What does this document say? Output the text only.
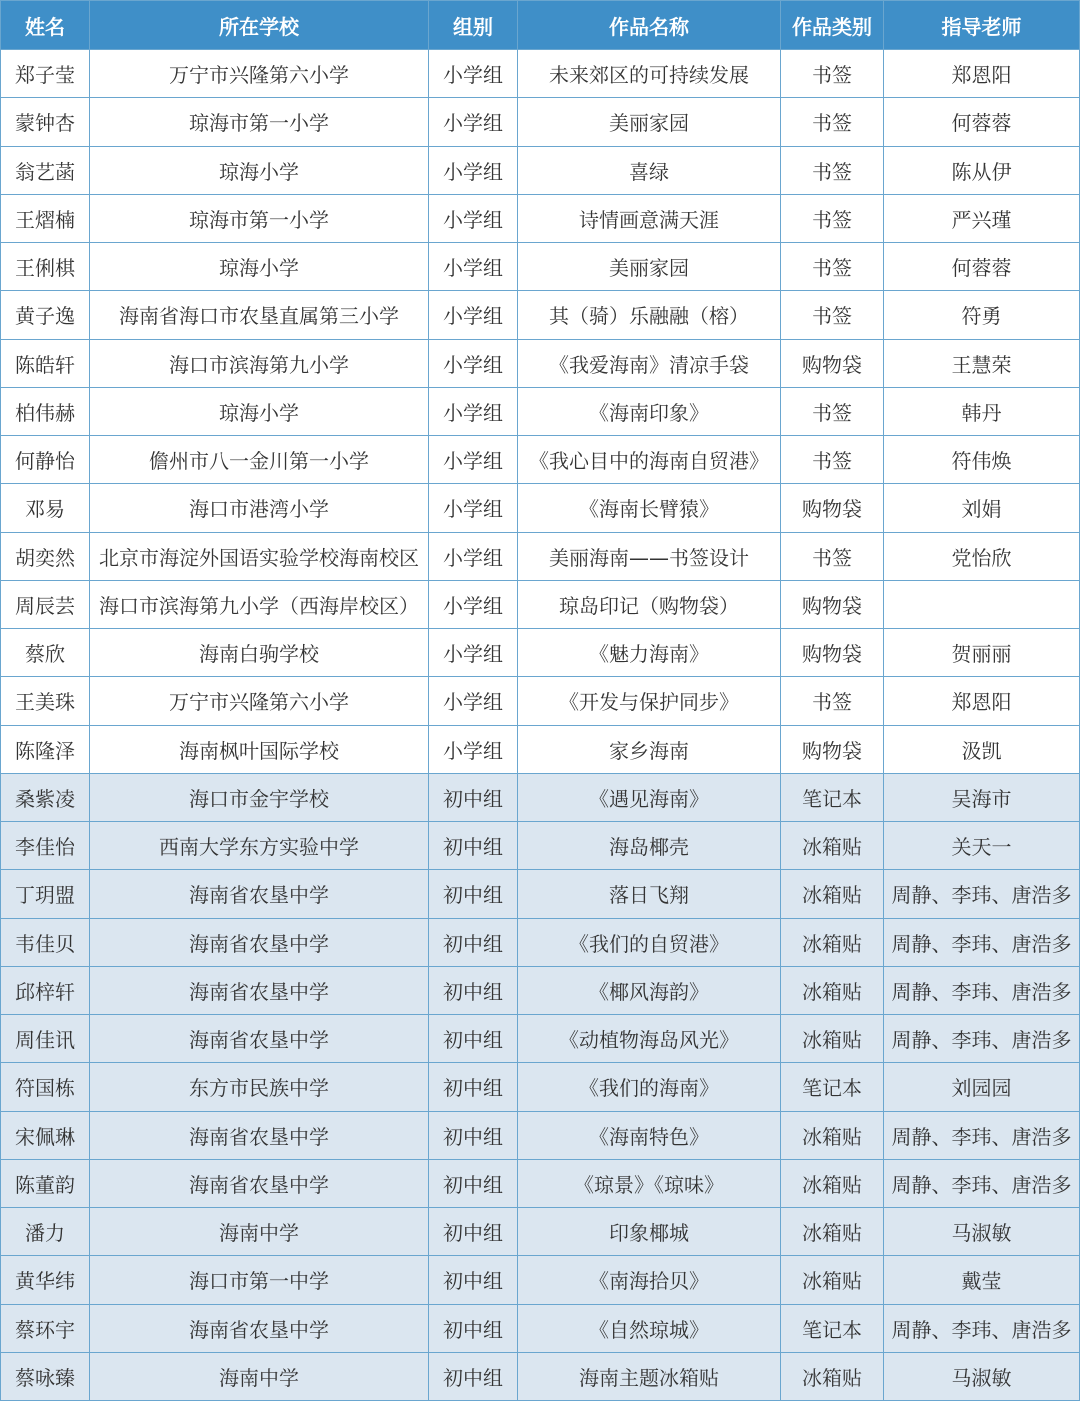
姓名	所在学校	组别	作品名称	作品类别	指导老师
郑子莹	万宁市兴隆第六小学	小学组	未来郊区的可持续发展	书签	郑恩阳
蒙钟杏	琼海市第一小学	小学组	美丽家园	书签	何蓉蓉
翁艺菡	琼海小学	小学组	喜绿	书签	陈从伊
王熠楠	琼海市第一小学	小学组	诗情画意满天涯	书签	严兴瑾
王俐棋	琼海小学	小学组	美丽家园	书签	何蓉蓉
黄子逸	海南省海口市农垦直属第三小学	小学组	其（骑）乐融融（榕）	书签	符勇
陈皓轩	海口市滨海第九小学	小学组	《我爱海南》清凉手袋	购物袋	王慧荣
柏伟赫	琼海小学	小学组	《海南印象》	书签	韩丹
何静怡	儋州市八一金川第一小学	小学组	《我心目中的海南自贸港》	书签	符伟焕
邓易	海口市港湾小学	小学组	《海南长臂猿》	购物袋	刘娟
胡奕然	北京市海淀外国语实验学校海南校区	小学组	美丽海南——书签设计	书签	党怡欣
周辰芸	海口市滨海第九小学（西海岸校区）	小学组	琼岛印记（购物袋）	购物袋	
蔡欣	海南白驹学校	小学组	《魅力海南》	购物袋	贺丽丽
王美珠	万宁市兴隆第六小学	小学组	《开发与保护同步》	书签	郑恩阳
陈隆泽	海南枫叶国际学校	小学组	家乡海南	购物袋	汲凯
桑紫凌	海口市金宇学校	初中组	《遇见海南》	笔记本	吴海市
李佳怡	西南大学东方实验中学	初中组	海岛椰壳	冰箱贴	关天一
丁玥盟	海南省农垦中学	初中组	落日飞翔	冰箱贴	周静、李玮、唐浩多
韦佳贝	海南省农垦中学	初中组	《我们的自贸港》	冰箱贴	周静、李玮、唐浩多
邱梓轩	海南省农垦中学	初中组	《椰风海韵》	冰箱贴	周静、李玮、唐浩多
周佳讯	海南省农垦中学	初中组	《动植物海岛风光》	冰箱贴	周静、李玮、唐浩多
符国栋	东方市民族中学	初中组	《我们的海南》	笔记本	刘园园
宋佩琳	海南省农垦中学	初中组	《海南特色》	冰箱贴	周静、李玮、唐浩多
陈董韵	海南省农垦中学	初中组	《琼景》《琼味》	冰箱贴	周静、李玮、唐浩多
潘力	海南中学	初中组	印象椰城	冰箱贴	马淑敏
黄华纬	海口市第一中学	初中组	《南海拾贝》	冰箱贴	戴莹
蔡环宇	海南省农垦中学	初中组	《自然琼城》	笔记本	周静、李玮、唐浩多
蔡咏臻	海南中学	初中组	海南主题冰箱贴	冰箱贴	马淑敏
